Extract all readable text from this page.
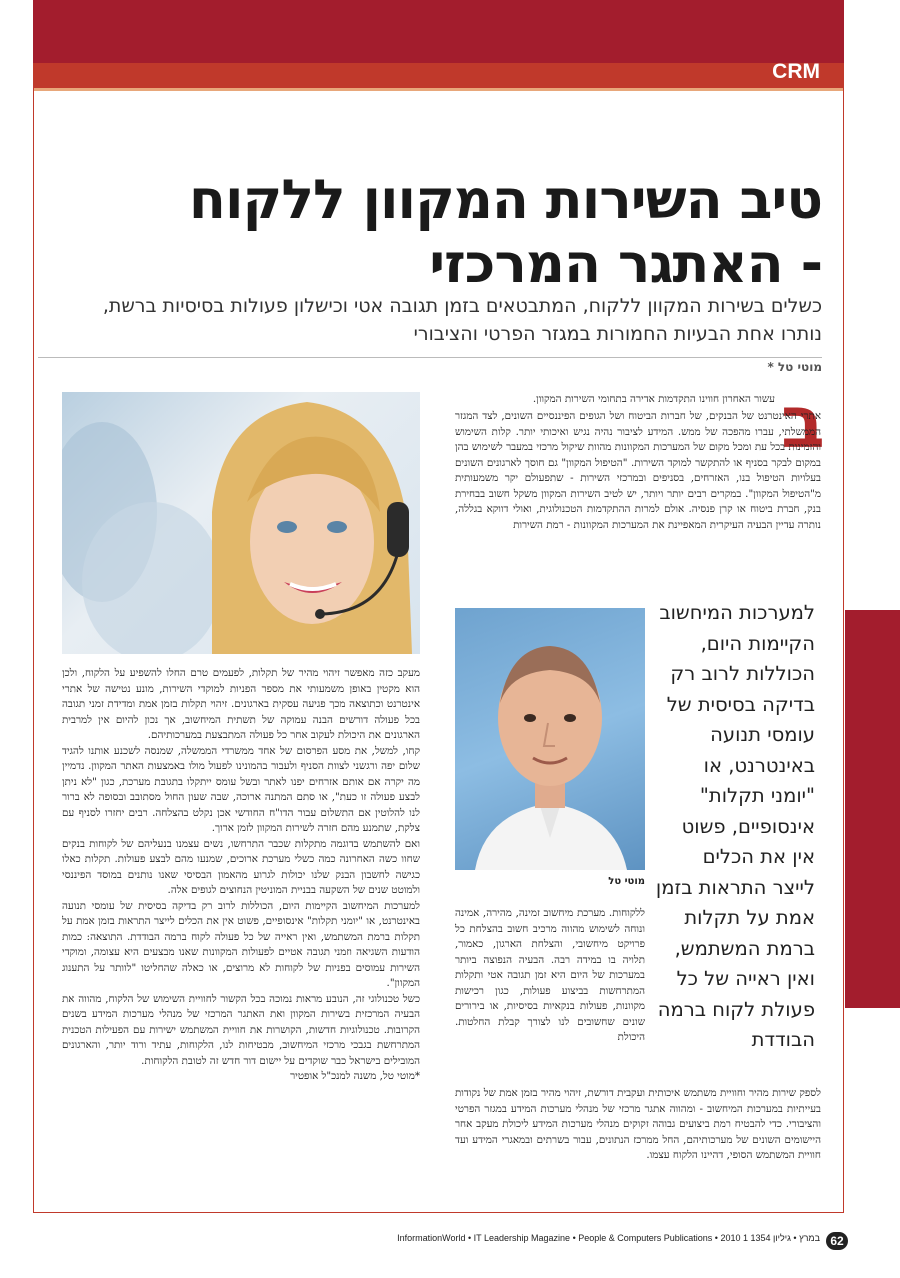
CRM
טיב השירות המקוון ללקוח
- האתגר המרכזי
כשלים בשירות המקוון ללקוח, המתבטאים בזמן תגובה אטי וכישלון פעולות בסיסיות ברשת,
נותרו אחת הבעיות החמורות במגזר הפרטי והציבורי
מוטי טל *
ב

עשור האחרון חווינו התקדמות אדירה בתחומי השירות המקוון.

אתרי האינטרנט של הבנקים, של חברות הביטוח ושל הגופים הפיננסיים השונים, לצד המגזר הממשלתי, עברו מהפכה של ממש. המידע לציבור נהיה נגיש ואיכותי יותר. קלות השימוש והזמינות בכל עת ומכל מקום של המערכות המקוונות מהוות שיקול מרכזי במעבר לשימוש בהן במקום לבקר בסניף או להתקשר למוקד השירות. "הטיפול המקוון" גם חוסך לארגונים השונים בעלויות הטיפול בנו, האזרחים, בסניפים ובמרכזי השירות - שתפעולם יקר משמעותית מ"הטיפול המקוון". במקרים רבים יותר ויותר, יש לטיב השירות המקוון משקל חשוב בבחירת בנק, חברת ביטוח או קרן פנסיה. אולם למרות ההתקדמות הטכנולוגית, ואולי דווקא בגללה, נותרה עדיין הבעיה העיקרית המאפיינת את המערכות המקוונות - רמת השירות

מוטי טל
למערכות המיחשוב הקיימות היום, הכוללות לרוב רק בדיקה בסיסית של עומסי תנועה באינטרנט, או "יומני תקלות" אינסופיים, פשוט אין את הכלים לייצר התראות בזמן אמת על תקלות ברמת המשתמש, ואין ראייה של כל פעולת לקוח ברמה הבודדת

ללקוחות. מערכת מיחשוב זמינה, מהירה, אמינה ונוחה לשימוש מהווה מרכיב חשוב בהצלחת כל פרויקט מיחשובי, והצלחת הארגון, כאמור, תלויה בו במידה רבה. הבעיה הנפוצה ביותר במערכות של היום היא זמן תגובה אטי ותקלות המתרחשות בביצוע פעולות, כגון רכישות מקוונות, פעולות בנקאיות בסיסיות, או בירורים שונים שחשובים לנו לצורך קבלת החלטות. היכולת

לספק שירות מהיר וחוויית משתמש איכותית ועקבית דורשת, זיהוי מהיר בזמן אמת של נקודות בעייתיות במערכות המיחשוב - ומהווה אתגר מרכזי של מנהלי מערכות המידע במגזר הפרטי והציבורי. כדי להבטיח רמת ביצועים גבוהה זקוקים מנהלי מערכות המידע ליכולת מעקב אחר היישומים השונים של מערכותיהם, החל ממרכז הנתונים, עבור בשרתים ובמאגרי המידע ועד חוויית המשתמש הסופי, דהיינו הלקוח עצמו.

מעקב כזה מאפשר זיהוי מהיר של תקלות, לפעמים טרם החלו להשפיע על הלקוח, ולכן הוא מקטין באופן משמעותי את מספר הפניות למוקדי השירות, מונע נטישה של אתרי אינטרנט וכתוצאה מכך פגיעה עסקית בארגונים. זיהוי תקלות בזמן אמת ומדידת זמני תגובה בכל פעולה דורשים הבנה עמוקה של תשתית המיחשוב, אך נכון להיום אין למרבית הארגונים את היכולת לעקוב אחר כל פעולה המתבצעת במערכותיהם.

קחו, למשל, את מסע הפרסום של אחד ממשרדי הממשלה, שמנסה לשכנע אותנו להגיד שלום יפה ורגשני לצוות הסניף ולעבור בהמונינו לפעול מולו באמצעות האתר המקוון. נדמיין מה יקרה אם אותם אזרחים יפנו לאתר ובשל עומס ייתקלו בתגובת מערכת, כגון "לא ניתן לבצע פעולה זו כעת", או סתם המתנה ארוכה, שבה שעון החול מסתובב ובסופה לא ברור לנו להלוטין אם התשלום עבור הדו"ח החודשי אכן נקלט בהצלחה. רבים יחזרו לסניף עם צלקת, שתמנע מהם חזרה לשירות המקוון לזמן ארוך.

ואם להשתמש בדוגמה מתקלות שכבר התרחשו, נשים עצמנו בנעליהם של לקוחות בנקים שחוו כשה האחרונה כמה כשלי מערכת ארוכים, שמנעו מהם לבצע פעולות. תקלות כאלו כגישה לחשבון הבנק שלנו יכולות לגרוע מהאמון הבסיסי שאנו נותנים במוסד הפיננסי ולמוטט שנים של השקעה בבניית המוניטין הנחוצים לגופים אלה.

למערכות המיחשוב הקיימות היום, הכוללות לרוב רק בדיקה בסיסית של עומסי תנועה באינטרנט, או "יומני תקלות" אינסופיים, פשוט אין את הכלים לייצר התראות בזמן אמת על תקלות ברמת המשתמש, ואין ראייה של כל פעולה לקוח ברמה הבודדת. התוצאה: כמות הודעות השגיאה וזמני תגובה אטיים לפעולות המקוונות שאנו מבצעים היא עצומה, ומוקדי השירות עמוסים בפניות של לקוחות לא מרוצים, או כאלה שהחליטו "לוותר על התענוג המקוון".

כשל טכנולוגי זה, הנובע מראות נמוכה בכל הקשור לחוויית השימוש של הלקוח, מהווה את הבעיה המרכזית בשירות המקוון ואת האתגר המרכזי של מנהלי מערכות המידע בשנים הקרובות. טכנולוגיות חדשות, הקושרות את חוויית המשתמש ישירות עם הפעילות הטכנית המתרחשת בגבכי מרכזי המיחשוב, מבטיחות לנו, הלקוחות, עתיד ורוד יותר, והארגונים המובילים בישראל כבר שוקדים על יישום דור חדש זה לטובת הלקוחות.

*מוטי טל, משנה למנכ"ל אופטיר

InformationWorld • IT Leadership Magazine • People & Computers Publications • 2010 1 במרץ • גיליון 1354 62
